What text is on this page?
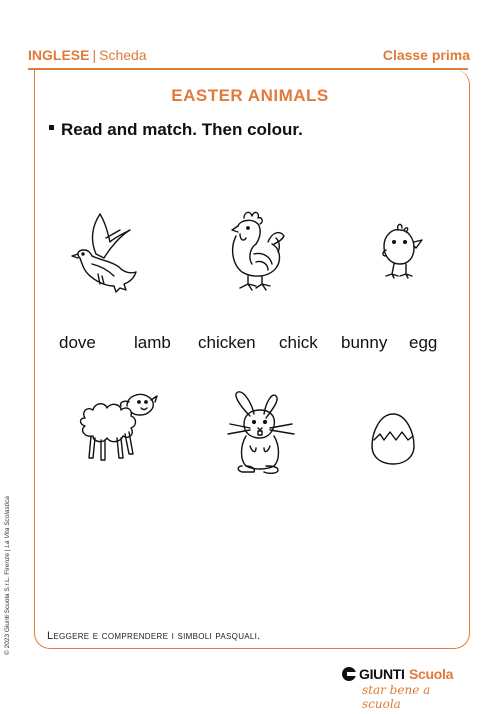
INGLESE | Scheda	Classe prima
EASTER ANIMALS
Read and match. Then colour.
dove lamb chicken chick bunny egg
Leggere e comprendere i simboli pasquali.
© 2023 Giunti Scuola S.r.L. Firenze | La Vita Scolastica
GIUNTI Scuola
star bene a scuola
